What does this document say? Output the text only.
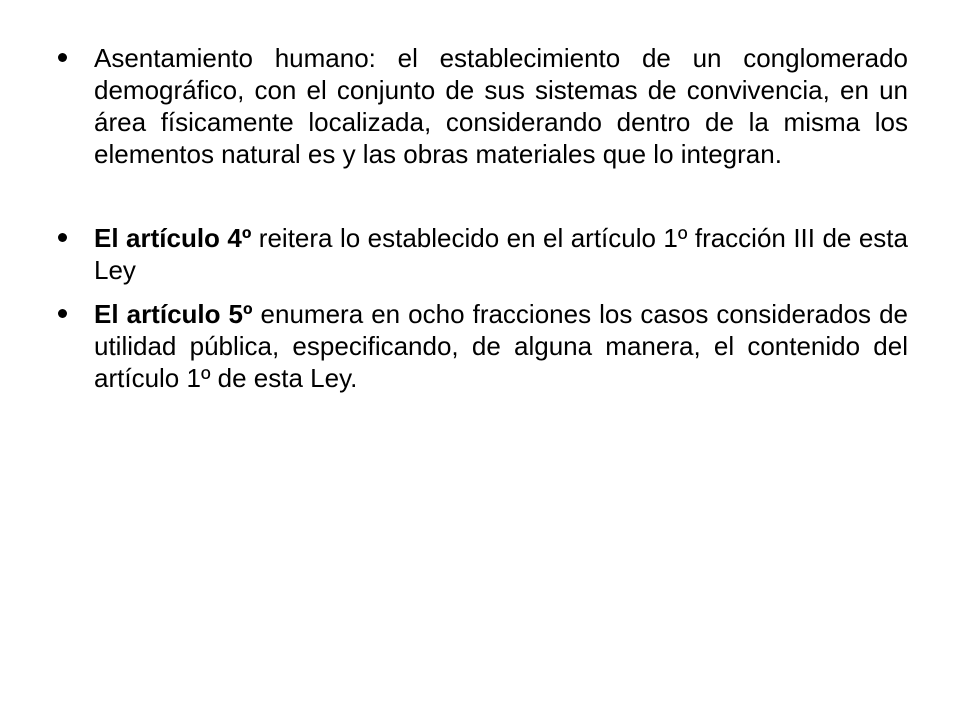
Asentamiento humano: el establecimiento de un conglomerado demográfico, con el conjunto de sus sistemas de convivencia, en un área físicamente localizada, considerando dentro de la misma los elementos natural es y las obras materiales que lo integran.
El artículo 4º reitera lo establecido en el artículo 1º fracción III de esta Ley
El artículo 5º enumera en ocho fracciones los casos considerados de utilidad pública, especificando, de alguna manera, el contenido del artículo 1º de esta Ley.
